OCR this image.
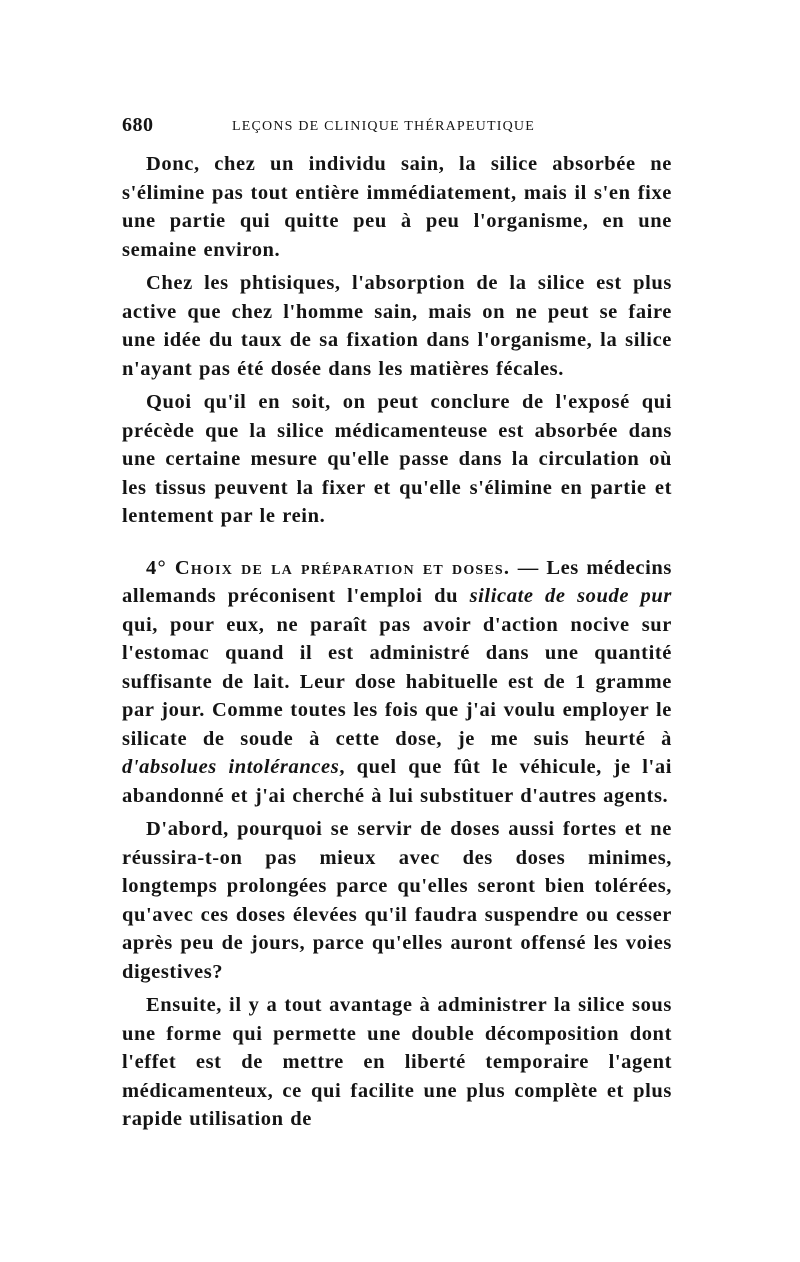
680	LEÇONS DE CLINIQUE THÉRAPEUTIQUE

Donc, chez un individu sain, la silice absorbée ne s'élimine pas tout entière immédiatement, mais il s'en fixe une partie qui quitte peu à peu l'organisme, en une semaine environ.

Chez les phtisiques, l'absorption de la silice est plus active que chez l'homme sain, mais on ne peut se faire une idée du taux de sa fixation dans l'organisme, la silice n'ayant pas été dosée dans les matières fécales.

Quoi qu'il en soit, on peut conclure de l'exposé qui précède que la silice médicamenteuse est absorbée dans une certaine mesure qu'elle passe dans la circulation où les tissus peuvent la fixer et qu'elle s'élimine en partie et lentement par le rein.

4° Choix de la préparation et doses. — Les médecins allemands préconisent l'emploi du silicate de soude pur qui, pour eux, ne paraît pas avoir d'action nocive sur l'estomac quand il est administré dans une quantité suffisante de lait. Leur dose habituelle est de 1 gramme par jour. Comme toutes les fois que j'ai voulu employer le silicate de soude à cette dose, je me suis heurté à d'absolues intolérances, quel que fût le véhicule, je l'ai abandonné et j'ai cherché à lui substituer d'autres agents.

D'abord, pourquoi se servir de doses aussi fortes et ne réussira-t-on pas mieux avec des doses minimes, longtemps prolongées parce qu'elles seront bien tolérées, qu'avec ces doses élevées qu'il faudra suspendre ou cesser après peu de jours, parce qu'elles auront offensé les voies digestives?

Ensuite, il y a tout avantage à administrer la silice sous une forme qui permette une double décomposition dont l'effet est de mettre en liberté temporaire l'agent médicamenteux, ce qui facilite une plus complète et plus rapide utilisation de
